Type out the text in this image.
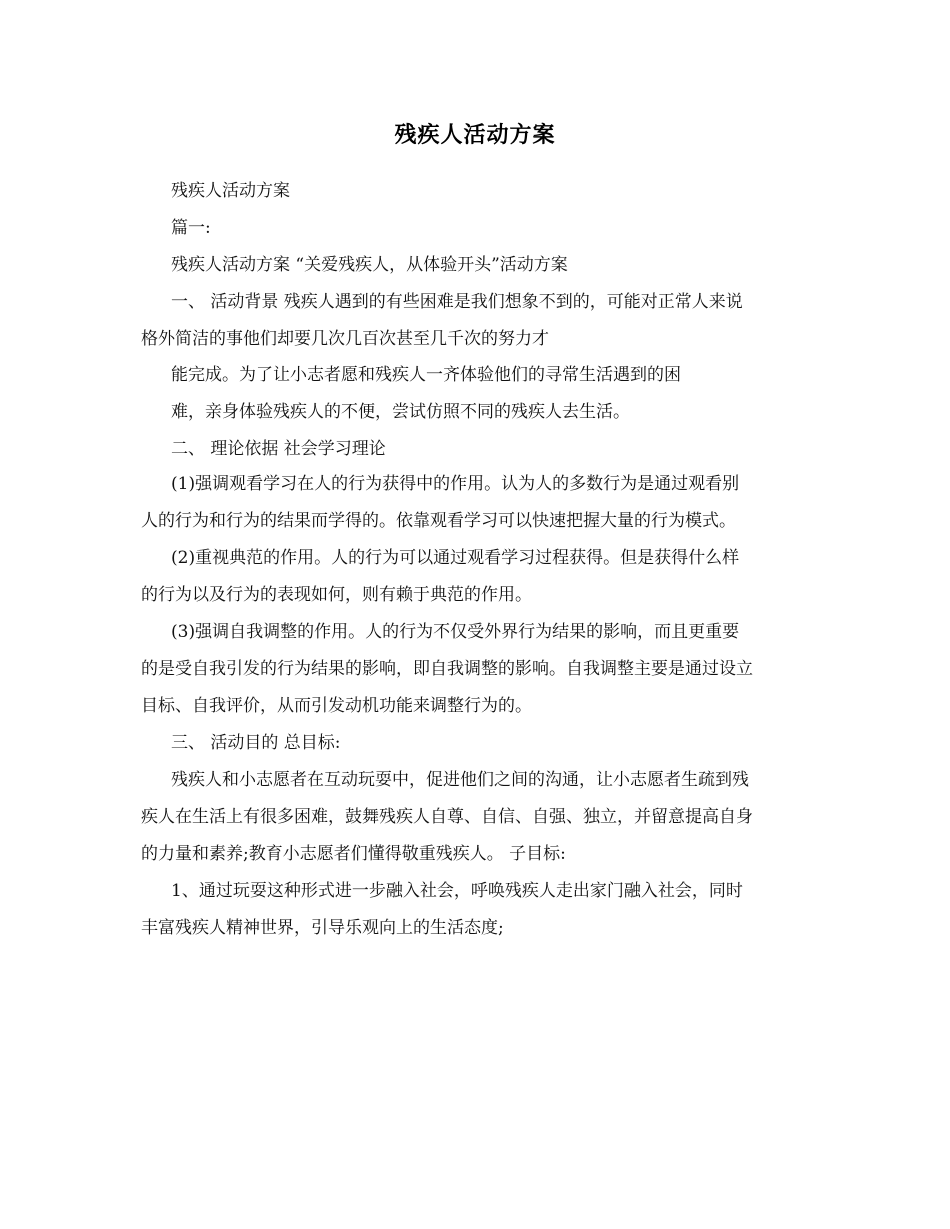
残疾人活动方案
残疾人活动方案
篇一:
残疾人活动方案 “关爱残疾人，从体验开头”活动方案
一、 活动背景 残疾人遇到的有些困难是我们想象不到的，可能对正常人来说
格外简洁的事他们却要几次几百次甚至几千次的努力才
能完成。为了让小志者愿和残疾人一齐体验他们的寻常生活遇到的困
难，亲身体验残疾人的不便，尝试仿照不同的残疾人去生活。
二、 理论依据 社会学习理论
(1)强调观看学习在人的行为获得中的作用。认为人的多数行为是通过观看别
人的行为和行为的结果而学得的。依靠观看学习可以快速把握大量的行为模式。
(2)重视典范的作用。人的行为可以通过观看学习过程获得。但是获得什么样
的行为以及行为的表现如何，则有赖于典范的作用。
(3)强调自我调整的作用。人的行为不仅受外界行为结果的影响，而且更重要
的是受自我引发的行为结果的影响，即自我调整的影响。自我调整主要是通过设立
目标、自我评价，从而引发动机功能来调整行为的。
三、 活动目的 总目标:
残疾人和小志愿者在互动玩耍中，促进他们之间的沟通，让小志愿者生疏到残
疾人在生活上有很多困难，鼓舞残疾人自尊、自信、自强、独立，并留意提高自身
的力量和素养;教育小志愿者们懂得敬重残疾人。 子目标:
1、通过玩耍这种形式进一步融入社会，呼唤残疾人走出家门融入社会，同时
丰富残疾人精神世界，引导乐观向上的生活态度;
